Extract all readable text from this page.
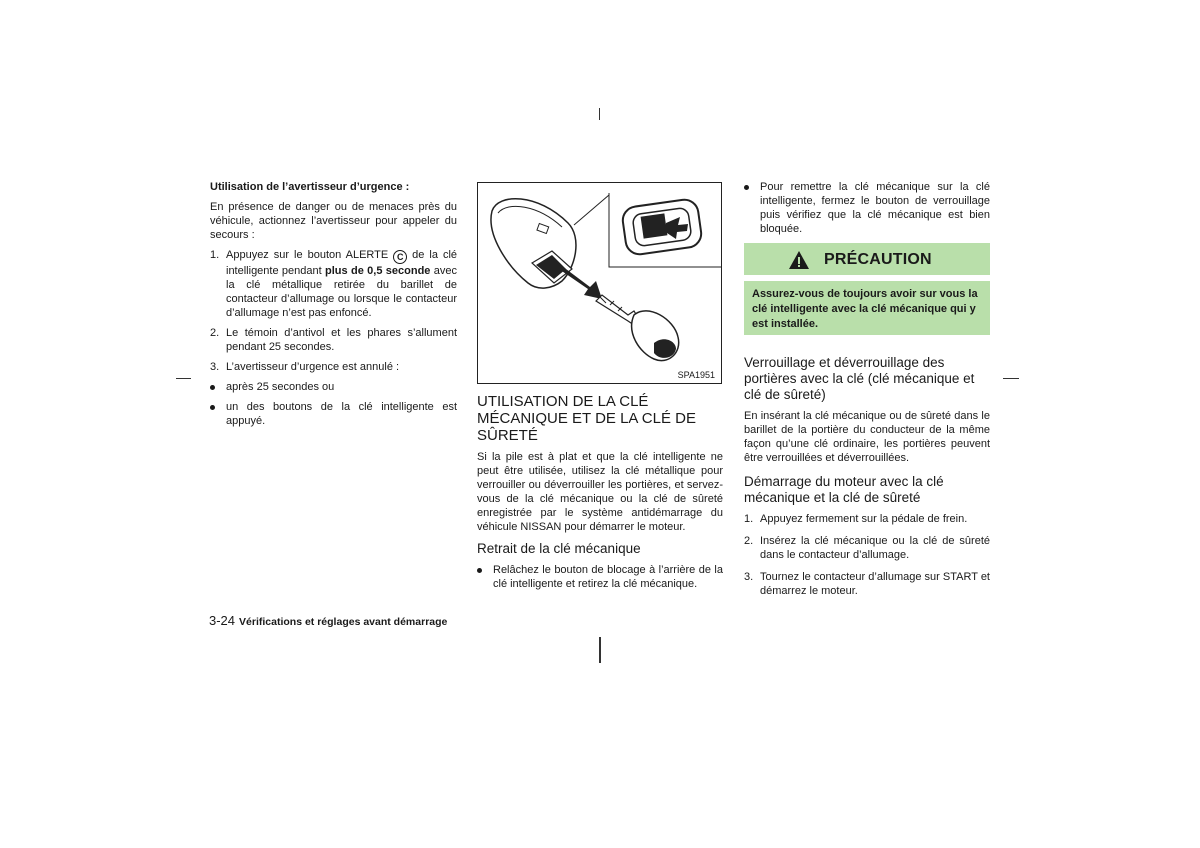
Utilisation de l’avertisseur d’urgence :

En présence de danger ou de menaces près du véhicule, actionnez l’avertisseur pour appeler du secours :

1. Appuyez sur le bouton ALERTE C de la clé intelligente pendant plus de 0,5 seconde avec la clé métallique retirée du barillet de contacteur d’allumage ou lorsque le contacteur d’allumage n’est pas enfoncé.
2. Le témoin d’antivol et les phares s’allument pendant 25 secondes.
3. L’avertisseur d’urgence est annulé :
après 25 secondes ou
un des boutons de la clé intelligente est appuyé.
SPA1951

UTILISATION DE LA CLÉ MÉCANIQUE ET DE LA CLÉ DE SÛRETÉ

Si la pile est à plat et que la clé intelligente ne peut être utilisée, utilisez la clé métallique pour verrouiller ou déverrouiller les portières, et servez-vous de la clé mécanique ou la clé de sûreté enregistrée par le système antidémarrage du véhicule NISSAN pour démarrer le moteur.

Retrait de la clé mécanique

Relâchez le bouton de blocage à l’arrière de la clé intelligente et retirez la clé mécanique.
Pour remettre la clé mécanique sur la clé intelligente, fermez le bouton de verrouillage puis vérifiez que la clé mécanique est bien bloquée.
PRÉCAUTION
Assurez-vous de toujours avoir sur vous la clé intelligente avec la clé mécanique qui y est installée.

Verrouillage et déverrouillage des portières avec la clé (clé mécanique et clé de sûreté)

En insérant la clé mécanique ou de sûreté dans le barillet de la portière du conducteur de la même façon qu’une clé ordinaire, les portières peuvent être verrouillées et déverrouillées.

Démarrage du moteur avec la clé mécanique et la clé de sûreté

1. Appuyez fermement sur la pédale de frein.
2. Insérez la clé mécanique ou la clé de sûreté dans le contacteur d’allumage.
3. Tournez le contacteur d’allumage sur START et démarrez le moteur.
3-24 Vérifications et réglages avant démarrage
